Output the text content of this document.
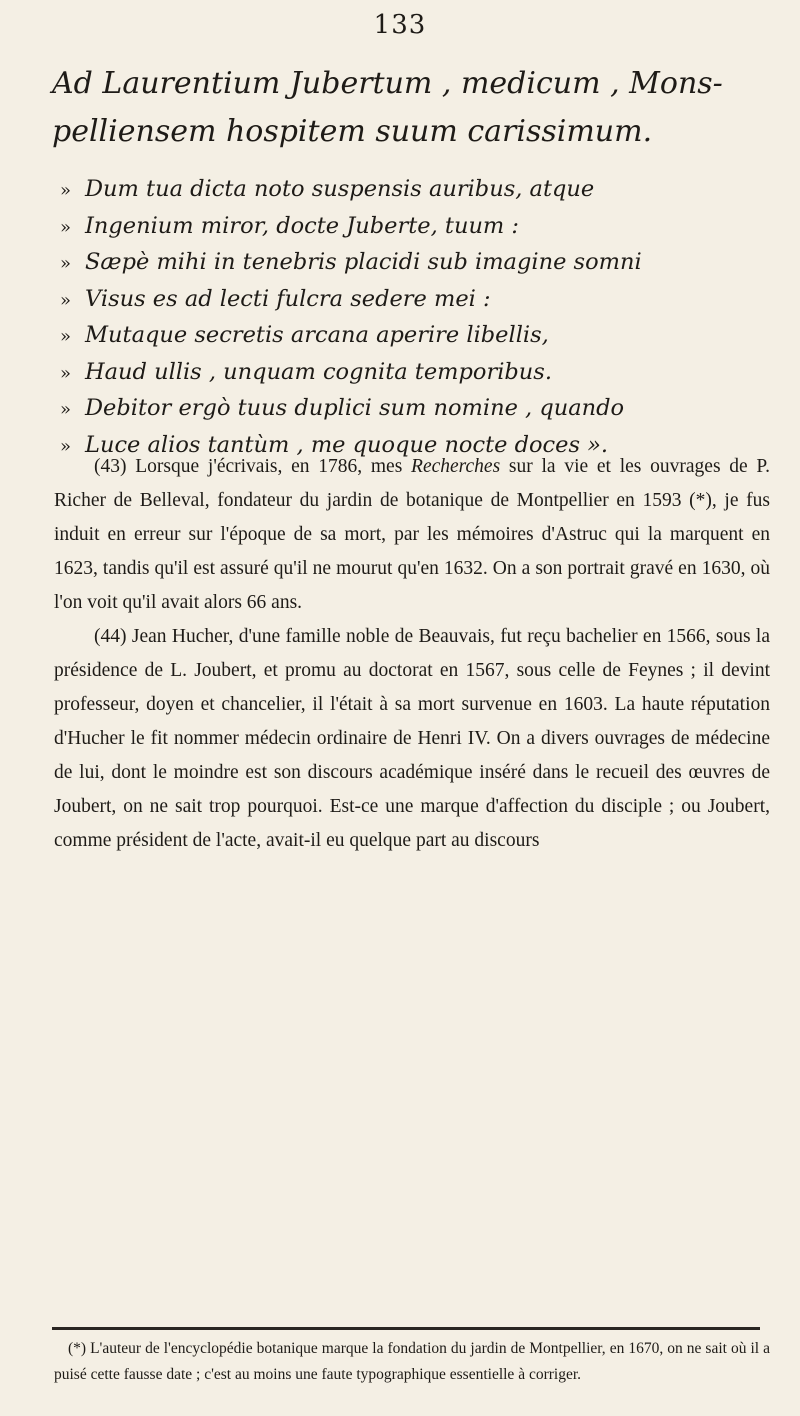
133
Ad Laurentium Jubertum , medicum , Mons-
pelliensem hospitem suum carissimum.
» Dum tua dicta noto suspensis auribus, atque
» Ingenium miror, docte Juberte, tuum :
» Sæpè mihi in tenebris placidi sub imagine somni
» Visus es ad lecti fulcra sedere mei :
» Mutaque secretis arcana aperire libellis,
» Haud ullis , unquam cognita temporibus.
» Debitor ergò tuus duplici sum nomine , quando
» Luce alios tantùm , me quoque nocte doces ».

(43) Lorsque j'écrivais, en 1786, mes Recherches sur la vie et les ouvrages de P. Richer de Belleval, fondateur du jardin de botanique de Montpellier en 1593 (*), je fus induit en erreur sur l'époque de sa mort, par les mémoires d'Astruc qui la marquent en 1623, tandis qu'il est assuré qu'il ne mourut qu'en 1632. On a son portrait gravé en 1630, où l'on voit qu'il avait alors 66 ans.

(44) Jean Hucher, d'une famille noble de Beauvais, fut reçu bachelier en 1566, sous la présidence de L. Joubert, et promu au doctorat en 1567, sous celle de Feynes ; il devint professeur, doyen et chancelier, il l'était à sa mort survenue en 1603. La haute réputation d'Hucher le fit nommer médecin ordinaire de Henri IV. On a divers ouvrages de médecine de lui, dont le moindre est son discours académique inséré dans le recueil des œuvres de Joubert, on ne sait trop pourquoi. Est-ce une marque d'affection du disciple ; ou Joubert, comme président de l'acte, avait-il eu quelque part au discours

(*) L'auteur de l'encyclopédie botanique marque la fondation du jardin de Montpellier, en 1670, on ne sait où il a puisé cette fausse date ; c'est au moins une faute typographique essentielle à corriger.
